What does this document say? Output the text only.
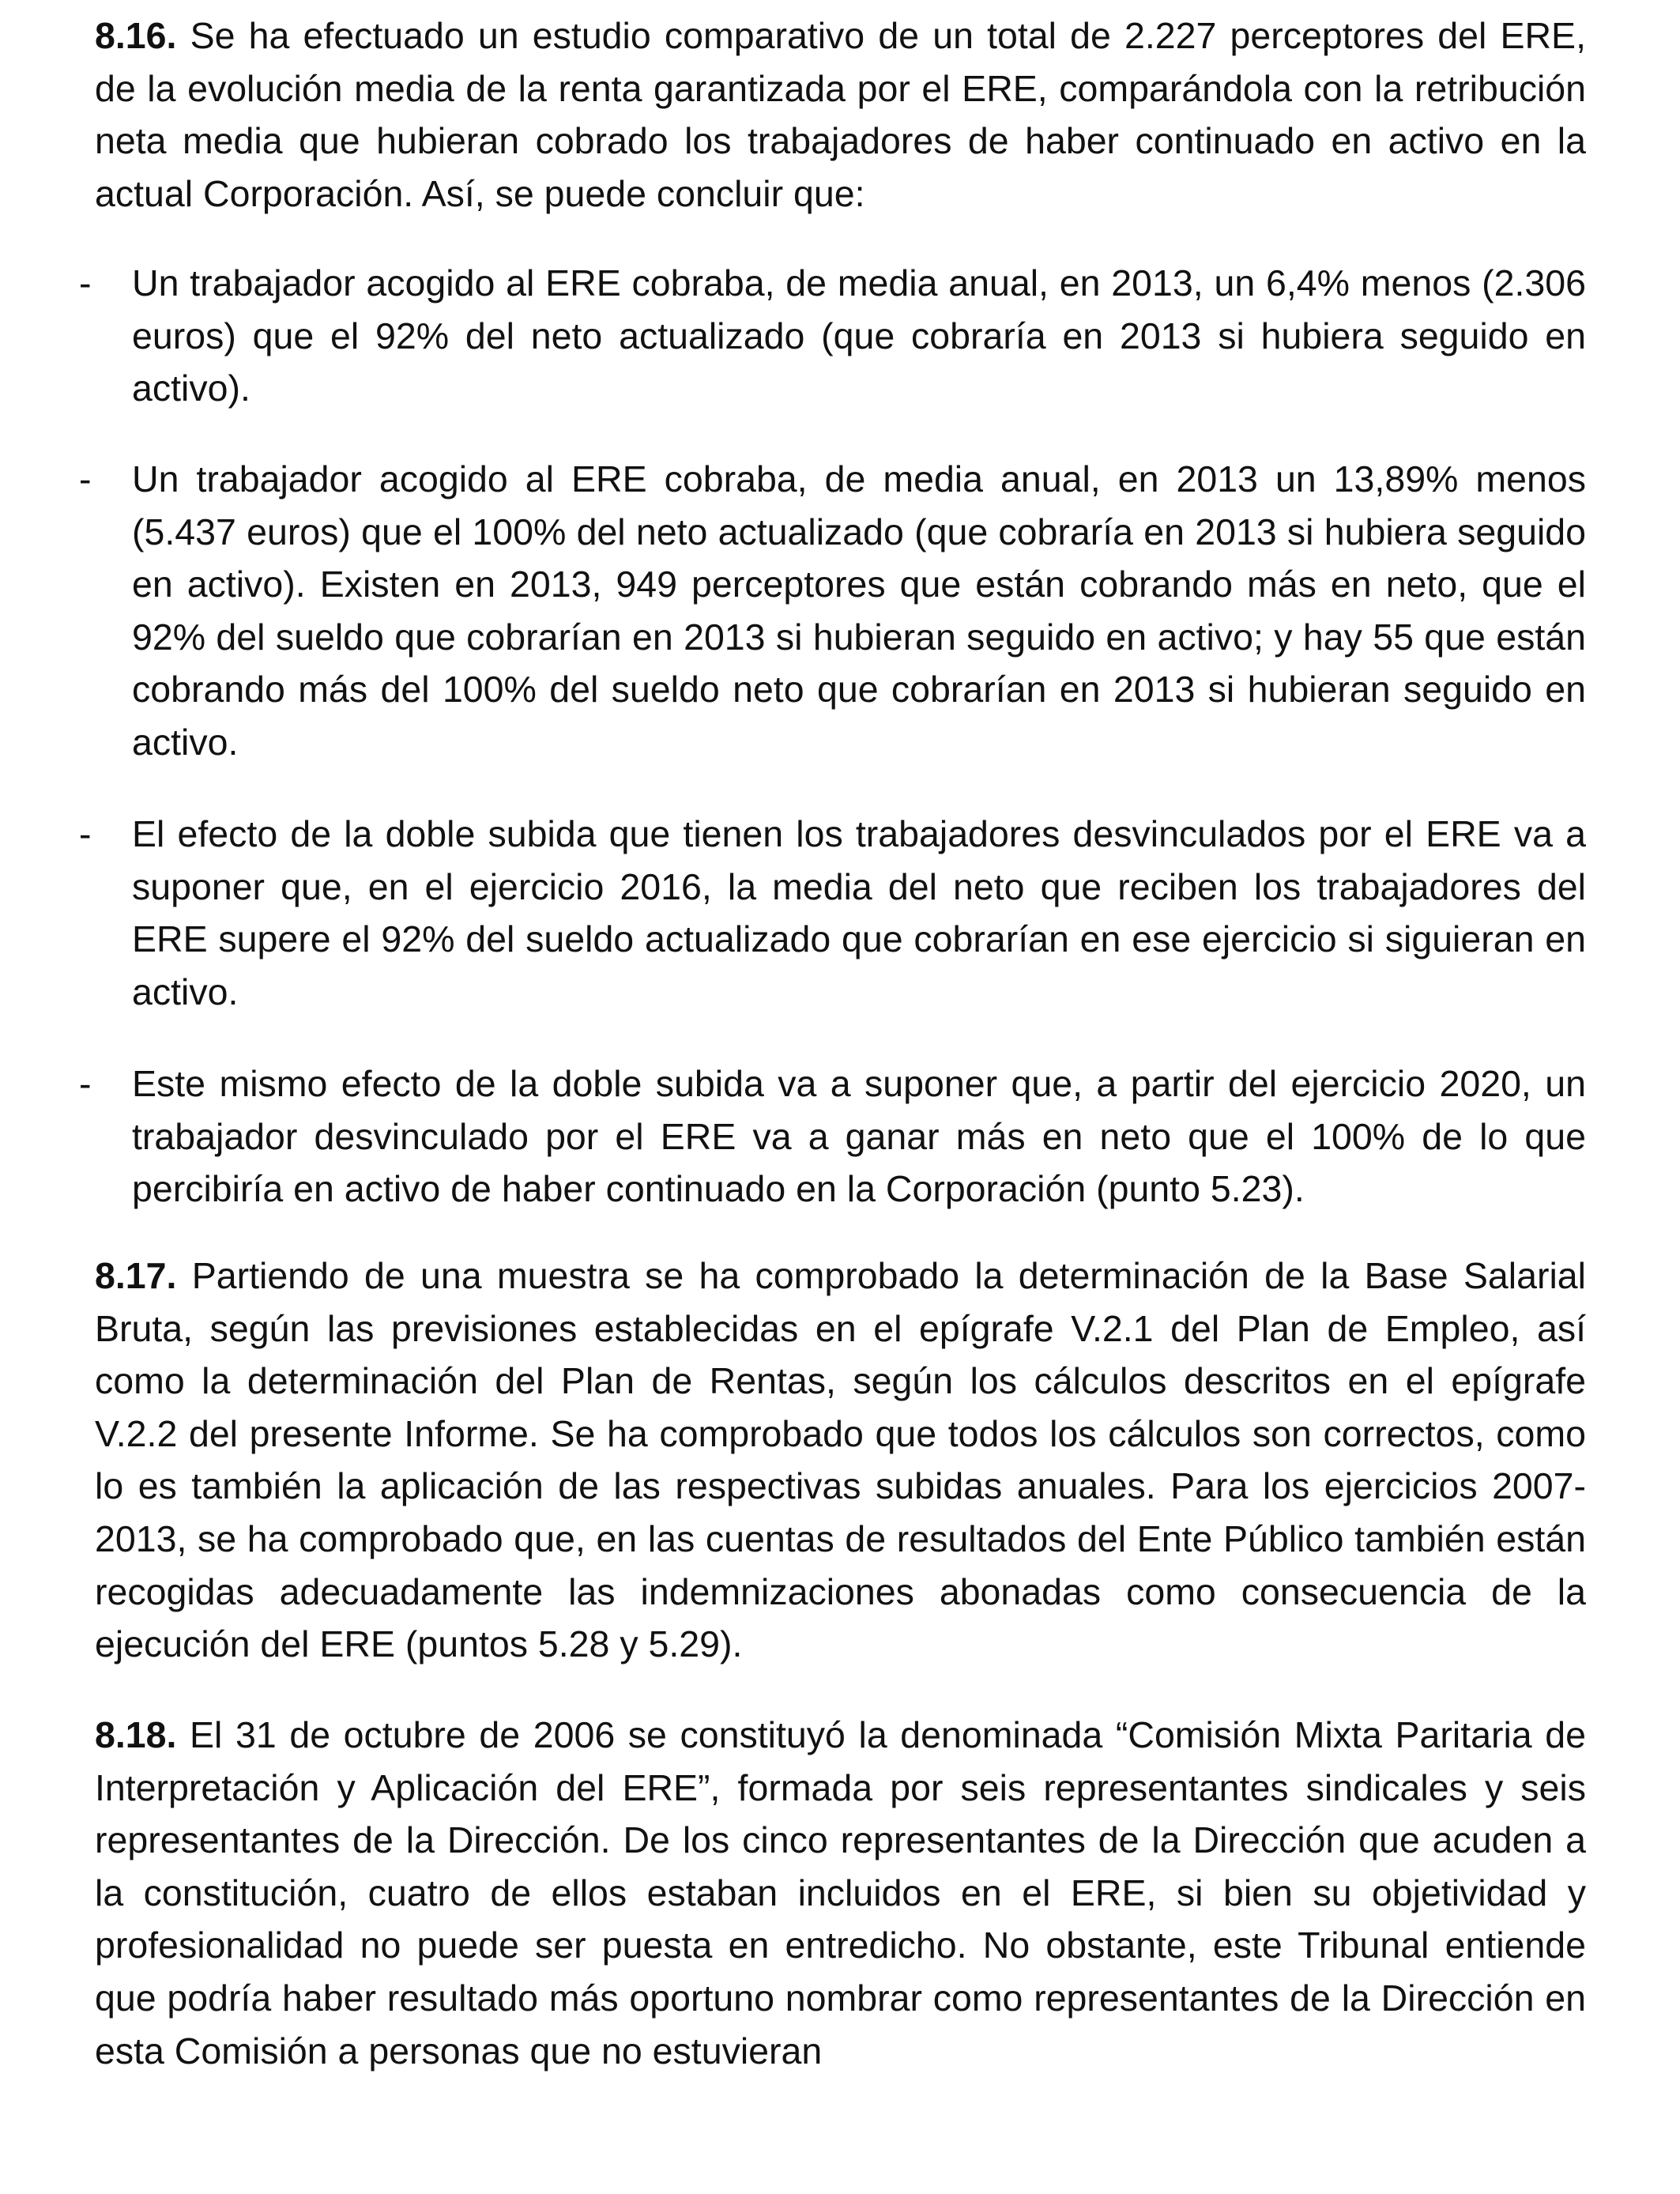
8.16. Se ha efectuado un estudio comparativo de un total de 2.227 perceptores del ERE, de la evolución media de la renta garantizada por el ERE, comparándola con la retribución neta media que hubieran cobrado los trabajadores de haber continuado en activo en la actual Corporación. Así, se puede concluir que:

-	Un trabajador acogido al ERE cobraba, de media anual, en 2013, un 6,4% menos (2.306 euros) que el 92% del neto actualizado (que cobraría en 2013 si hubiera seguido en activo).
-	Un trabajador acogido al ERE cobraba, de media anual, en 2013 un 13,89% menos (5.437 euros) que el 100% del neto actualizado (que cobraría en 2013 si hubiera seguido en activo). Existen en 2013, 949 perceptores que están cobrando más en neto, que el 92% del sueldo que cobrarían en 2013 si hubieran seguido en activo; y hay 55 que están cobrando más del 100% del sueldo neto que cobrarían en 2013 si hubieran seguido en activo.
-	El efecto de la doble subida que tienen los trabajadores desvinculados por el ERE va a suponer que, en el ejercicio 2016, la media del neto que reciben los trabajadores del ERE supere el 92% del sueldo actualizado que cobrarían en ese ejercicio si siguieran en activo.
-	Este mismo efecto de la doble subida va a suponer que, a partir del ejercicio 2020, un trabajador desvinculado por el ERE va a ganar más en neto que el 100% de lo que percibiría en activo de haber continuado en la Corporación (punto 5.23).

8.17. Partiendo de una muestra se ha comprobado la determinación de la Base Salarial Bruta, según las previsiones establecidas en el epígrafe V.2.1 del Plan de Empleo, así como la determinación del Plan de Rentas, según los cálculos descritos en el epígrafe V.2.2 del presente Informe. Se ha comprobado que todos los cálculos son correctos, como lo es también la aplicación de las respectivas subidas anuales. Para los ejercicios 2007-2013, se ha comprobado que, en las cuentas de resultados del Ente Público también están recogidas adecuadamente las indemnizaciones abonadas como consecuencia de la ejecución del ERE (puntos 5.28 y 5.29).

8.18. El 31 de octubre de 2006 se constituyó la denominada “Comisión Mixta Paritaria de Interpretación y Aplicación del ERE”, formada por seis representantes sindicales y seis representantes de la Dirección. De los cinco representantes de la Dirección que acuden a la constitución, cuatro de ellos estaban incluidos en el ERE, si bien su objetividad y profesionalidad no puede ser puesta en entredicho. No obstante, este Tribunal entiende que podría haber resultado más oportuno nombrar como representantes de la Dirección en esta Comisión a personas que no estuvieran
